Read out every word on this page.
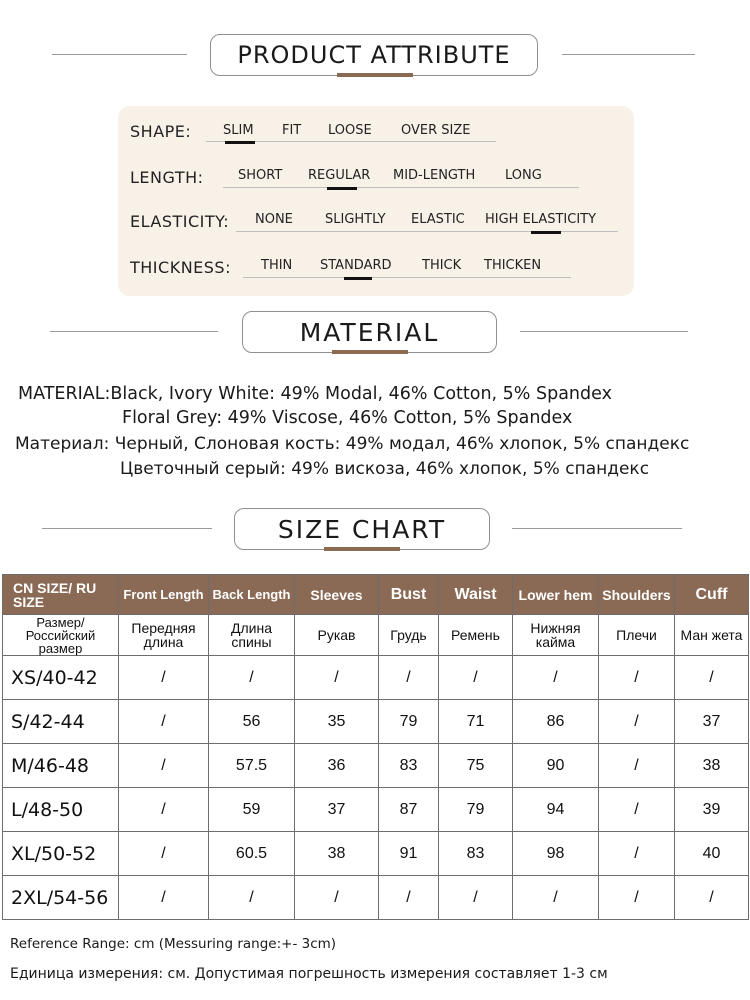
PRODUCT ATTRIBUTE
SHAPE: SLIM FIT LOOSE OVER SIZE
LENGTH:	SHORT REGULAR MID-LENGTH LONG
ELASTICITY: NONE SLIGHTLY ELASTIC HIGH ELASTICITY
THICKNESS: THIN STANDARD THICK THICKEN
MATERIAL
MATERIAL:Black, Ivory White: 49% Modal, 46% Cotton, 5% Spandex
Floral Grey: 49% Viscose, 46% Cotton, 5% Spandex
Материал: Черный, Слоновая кость: 49% модал, 46% хлопок, 5% спандекс
Цветочный серый: 49% вискоза, 46% хлопок, 5% спандекс
SIZE CHART
CN SIZE/ RU SIZE	Front Length	Back Length	Sleeves	Bust	Waist	Lower hem	Shoulders	Cuff
Размер/ Российский размер	Передняя длина	Длина спины	Рукав	Грудь	Ремень	Нижняя кайма	Плечи	Ман жета
XS/40-42	/	/	/	/	/	/	/	/
S/42-44	/	56	35	79	71	86	/	37
M/46-48	/	57.5	36	83	75	90	/	38
L/48-50	/	59	37	87	79	94	/	39
XL/50-52	/	60.5	38	91	83	98	/	40
2XL/54-56	/	/	/	/	/	/	/	/
Reference Range: cm (Messuring range:+- 3cm)
Единица измерения: см. Допустимая погрешность измерения составляет 1-3 см
